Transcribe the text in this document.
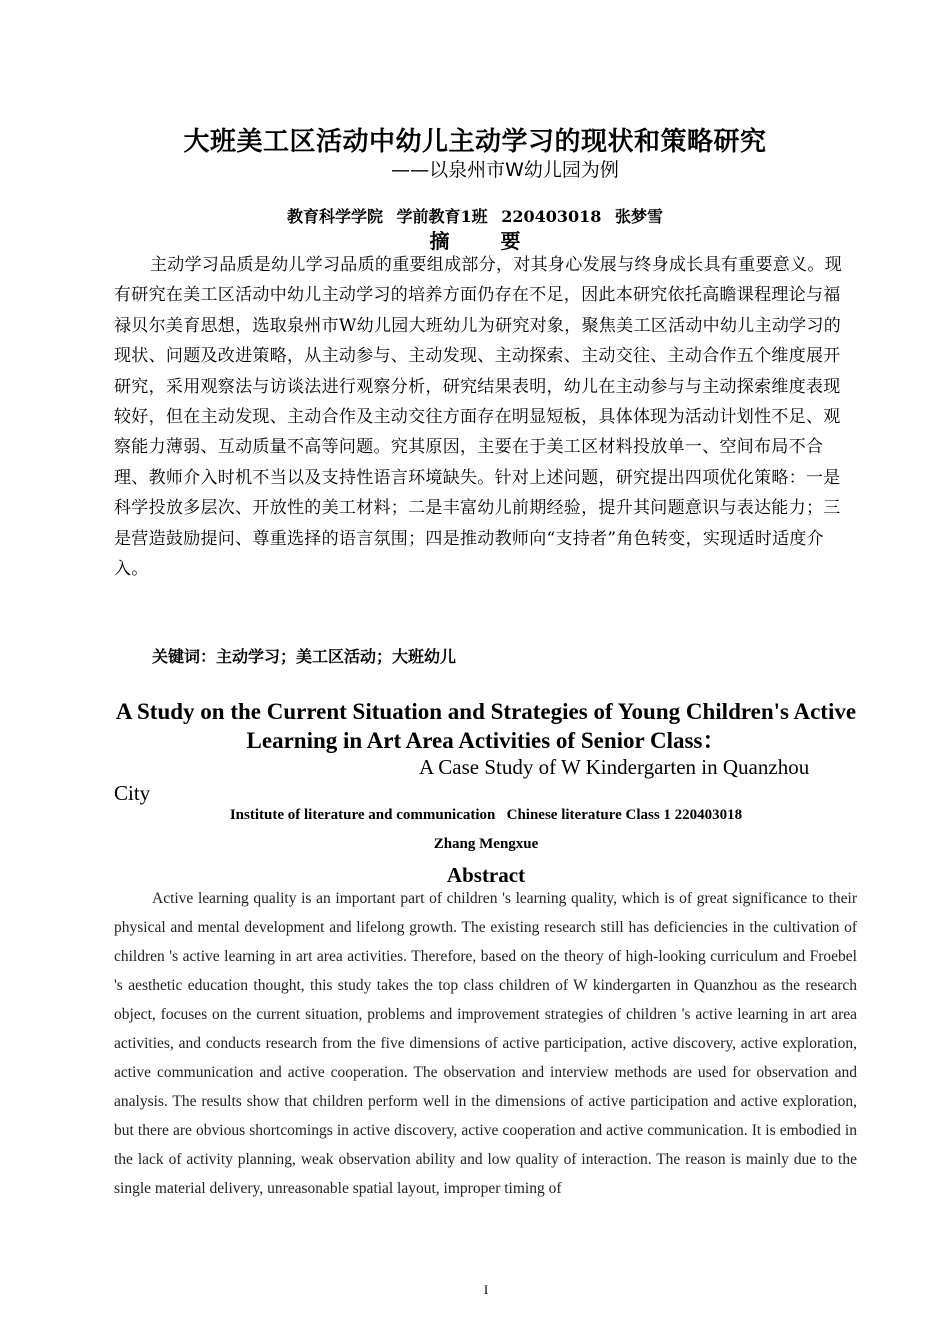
大班美工区活动中幼儿主动学习的现状和策略研究
——以泉州市W幼儿园为例
教育科学学院 学前教育1班 220403018 张梦雪
摘 要
主动学习品质是幼儿学习品质的重要组成部分，对其身心发展与终身成长具有重要意义。现有研究在美工区活动中幼儿主动学习的培养方面仍存在不足，因此本研究依托高瞻课程理论与福禄贝尔美育思想，选取泉州市W幼儿园大班幼儿为研究对象，聚焦美工区活动中幼儿主动学习的现状、问题及改进策略，从主动参与、主动发现、主动探索、主动交往、主动合作五个维度展开研究，采用观察法与访谈法进行观察分析，研究结果表明，幼儿在主动参与与主动探索维度表现较好，但在主动发现、主动合作及主动交往方面存在明显短板，具体体现为活动计划性不足、观察能力薄弱、互动质量不高等问题。究其原因，主要在于美工区材料投放单一、空间布局不合理、教师介入时机不当以及支持性语言环境缺失。针对上述问题，研究提出四项优化策略：一是科学投放多层次、开放性的美工材料；二是丰富幼儿前期经验，提升其问题意识与表达能力；三是营造鼓励提问、尊重选择的语言氛围；四是推动教师向“支持者”角色转变，实现适时适度介入。
关键词：主动学习；美工区活动；大班幼儿
A Study on the Current Situation and Strategies of Young Children's Active Learning in Art Area Activities of Senior Class：
A Case Study of W Kindergarten in Quanzhou City
Institute of literature and communication   Chinese literature Class 1 220403018
Zhang Mengxue
Abstract
Active learning quality is an important part of children 's learning quality, which is of great significance to their physical and mental development and lifelong growth. The existing research still has deficiencies in the cultivation of children 's active learning in art area activities. Therefore, based on the theory of high-looking curriculum and Froebel 's aesthetic education thought, this study takes the top class children of W kindergarten in Quanzhou as the research object, focuses on the current situation, problems and improvement strategies of children 's active learning in art area activities, and conducts research from the five dimensions of active participation, active discovery, active exploration, active communication and active cooperation. The observation and interview methods are used for observation and analysis. The results show that children perform well in the dimensions of active participation and active exploration, but there are obvious shortcomings in active discovery, active cooperation and active communication. It is embodied in the lack of activity planning, weak observation ability and low quality of interaction. The reason is mainly due to the single material delivery, unreasonable spatial layout, improper timing of
I
